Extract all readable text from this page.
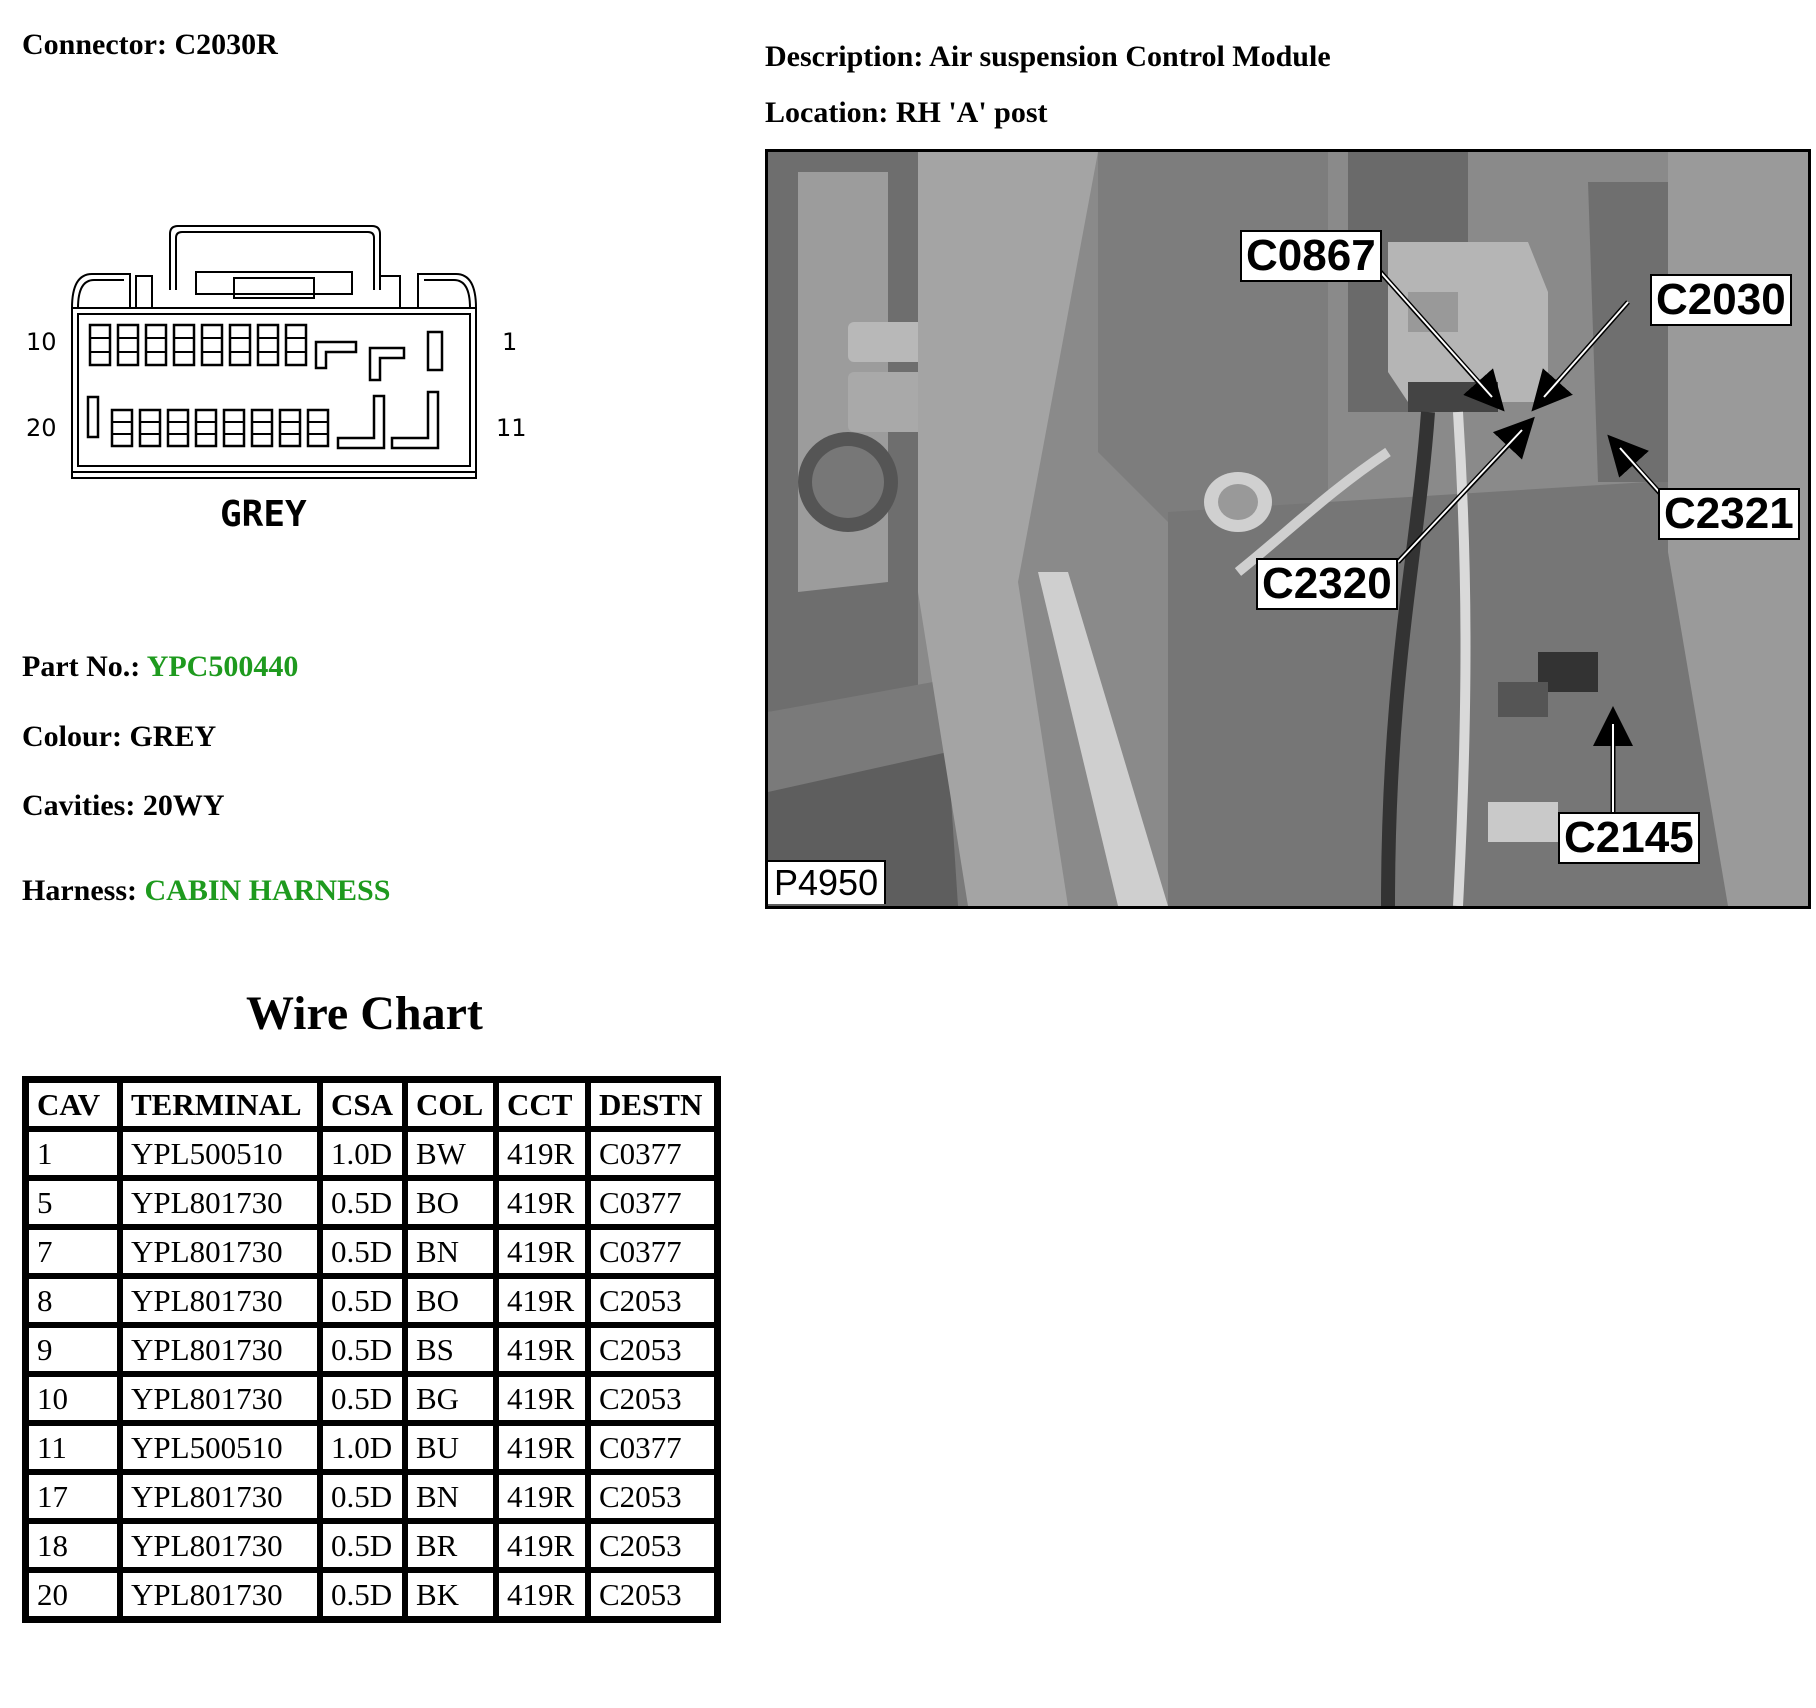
Connector: C2030R	Description: Air suspension Control Module
Location: RH 'A' post
10	1
20	11
GREY
Part No.: YPC500440
Colour: GREY
Cavities: 20WY
Harness: CABIN HARNESS
C0867
C2030
C2321
C2320
C2145
P4950
Wire Chart
CAV	TERMINAL	CSA	COL	CCT	DESTN
1	YPL500510	1.0D	BW	419R	C0377
5	YPL801730	0.5D	BO	419R	C0377
7	YPL801730	0.5D	BN	419R	C0377
8	YPL801730	0.5D	BO	419R	C2053
9	YPL801730	0.5D	BS	419R	C2053
10	YPL801730	0.5D	BG	419R	C2053
11	YPL500510	1.0D	BU	419R	C0377
17	YPL801730	0.5D	BN	419R	C2053
18	YPL801730	0.5D	BR	419R	C2053
20	YPL801730	0.5D	BK	419R	C2053
